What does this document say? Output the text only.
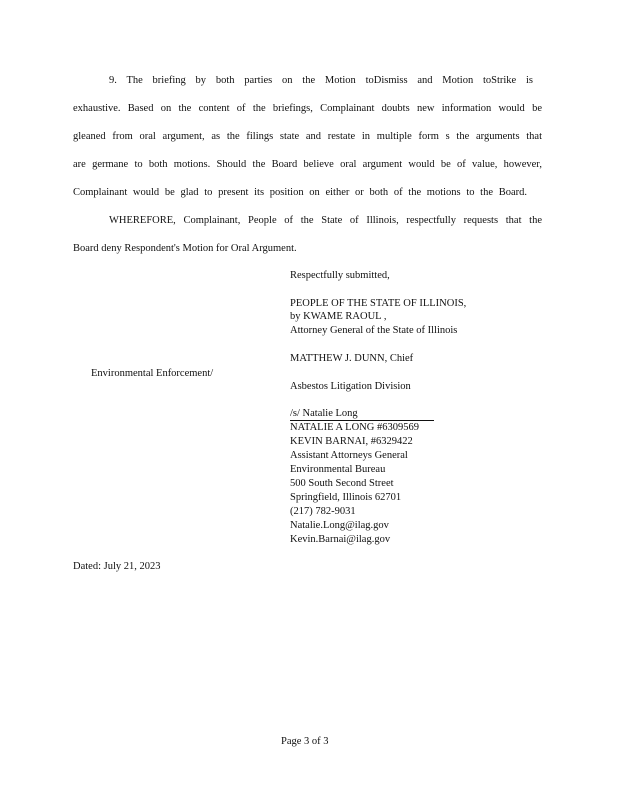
9. The briefing by both parties on the Motion toDismiss and Motion toStrike is
exhaustive. Based on the content of the briefings, Complainant doubts new information would be
gleaned from oral argument, as the filings state and restate in multiple form s the arguments that
are germane to both motions. Should the Board believe oral argument would be of value, however,
Complainant would be glad to present its position on either or both of the motions to the Board.
WHEREFORE, Complainant, People of the State of Illinois, respectfully requests that the
Board deny Respondent's Motion for Oral Argument.
Respectfully submitted,
PEOPLE OF THE STATE OF ILLINOIS,
by KWAME RAOUL ,
Attorney General of the State of Illinois
MATTHEW J. DUNN, Chief
Environmental Enforcement/
Asbestos Litigation Division
/s/ Natalie Long
NATALIE A LONG #6309569
KEVIN BARNAI, #6329422
Assistant Attorneys General
Environmental Bureau
500 South Second Street
Springfield, Illinois 62701
(217) 782-9031
Natalie.Long@ilag.gov
Kevin.Barnai@ilag.gov
Dated: July 21, 2023
Page 3 of 3
